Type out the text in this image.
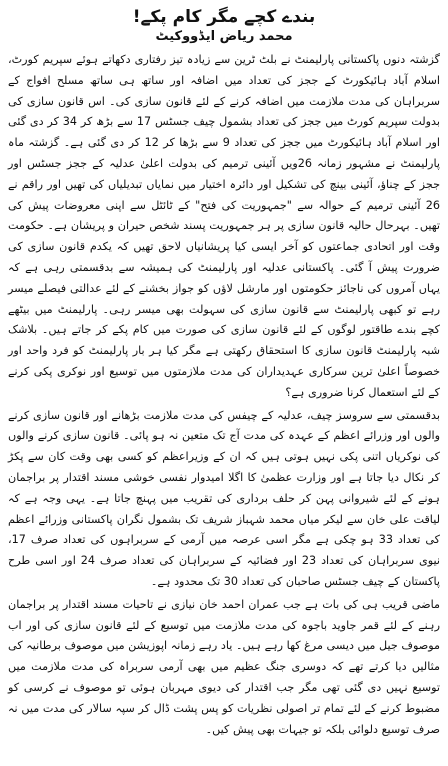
بندے کچے مگر کام پکے!
محمد ریاض ایڈووکیٹ

گزشتہ دنوں پاکستانی پارلیمنٹ نے بلٹ ٹرین سے زیادہ تیز رفتاری دکھاتے ہوئے سپریم کورٹ، اسلام آباد ہائیکورٹ کے ججز کی تعداد میں اضافہ اور ساتھ ہی ساتھ مسلح افواج کے سربراہان کی مدت ملازمت میں اضافہ کرنے کے لئے قانون سازی کی۔ اس قانون سازی کی بدولت سپریم کورٹ میں ججز کی تعداد بشمول چیف جسٹس 17 سے بڑھ کر 34 کر دی گئی اور اسلام آباد ہائیکورٹ میں ججز کی تعداد 9 سے بڑھا کر 12 کر دی گئی ہے۔ گزشتہ ماہ پارلیمنٹ نے مشہور زمانہ 26ویں آئینی ترمیم کی بدولت اعلیٰ عدلیہ کے ججز جسٹس اور ججز کے چناؤ، آئینی بینچ کی تشکیل اور دائرہ اختیار میں نمایاں تبدیلیاں کی تھیں اور راقم نے 26 آئینی ترمیم کے حوالہ سے "جمہوریت کی فتح" کے ٹائٹل سے اپنی معروضات پیش کی تھیں۔ بہرحال حالیہ قانون سازی پر ہر جمہوریت پسند شخص حیران و پریشان ہے۔ حکومت وقت اور اتحادی جماعتوں کو آخر ایسی کیا پریشانیاں لاحق تھیں کہ یکدم قانون سازی کی ضرورت پیش آ گئی۔ پاکستانی عدلیہ اور پارلیمنٹ کی ہمیشہ سے بدقسمتی رہی ہے کہ یہاں آمروں کی ناجائز حکومتوں اور مارشل لاؤں کو جواز بخشنے کے لئے عدالتی فیصلے میسر رہے تو کبھی پارلیمنٹ سے قانون سازی کی سہولت بھی میسر رہی۔ پارلیمنٹ میں بیٹھے کچے بندے طاقتور لوگوں کے لئے قانون سازی کی صورت میں کام پکے کر جاتے ہیں۔ بلاشک شبہ پارلیمنٹ قانون سازی کا استحقاق رکھتی ہے مگر کیا ہر بار پارلیمنٹ کو فرد واحد اور خصوصاً اعلیٰ ترین سرکاری عہدیداران کی مدت ملازمتوں میں توسیع اور نوکری پکی کرنے کے لئے استعمال کرنا ضروری ہے؟

بدقسمتی سے سروسز چیف، عدلیہ کے چیفس کی مدت ملازمت بڑھانے اور قانون سازی کرنے والوں اور وزرائے اعظم کے عہدہ کی مدت آج تک متعین نہ ہو پائی۔ قانون سازی کرنے والوں کی نوکریاں اتنی پکی نہیں ہوتی ہیں کہ ان کے وزیراعظم کو کسی بھی وقت کان سے پکڑ کر نکال دیا جاتا ہے اور وزارت عظمیٰ کا اگلا امیدوار نفسی خوشی مسند اقتدار پر براجمان ہونے کے لئے شیروانی پہن کر حلف برداری کی تقریب میں پہنچ جاتا ہے۔ یہی وجہ ہے کہ لیاقت علی خان سے لیکر میاں محمد شہباز شریف تک بشمول نگران پاکستانی وزرائے اعظم کی تعداد 33 ہو چکی ہے مگر اسی عرصہ میں آرمی کے سربراہوں کی تعداد صرف 17، نیوی سربراہان کی تعداد 23 اور فضائیہ کے سربراہان کی تعداد صرف 24 اور اسی طرح پاکستان کے چیف جسٹس صاحبان کی تعداد 30 تک محدود ہے۔

ماضی قریب ہی کی بات ہے جب عمران احمد خان نیازی نے تاحیات مسند اقتدار پر براجمان رہنے کے لئے قمر جاوید باجوہ کی مدت ملازمت میں توسیع کے لئے قانون سازی کی اور اب موصوف جیل میں دیسی مرغ کھا رہے ہیں۔ یاد رہے زمانہ اپوزیشن میں موصوف برطانیہ کی مثالیں دیا کرتے تھے کہ دوسری جنگ عظیم میں بھی آرمی سربراہ کی مدت ملازمت میں توسیع نہیں دی گئی تھی مگر جب اقتدار کی دیوی مہربان ہوئی تو موصوف نے کرسی کو مضبوط کرنے کے لئے تمام تر اصولی نظریات کو پس پشت ڈال کر سپہ سالار کی مدت میں نہ صرف توسیع دلوائی بلکہ تو جیہات بھی پیش کیں۔
